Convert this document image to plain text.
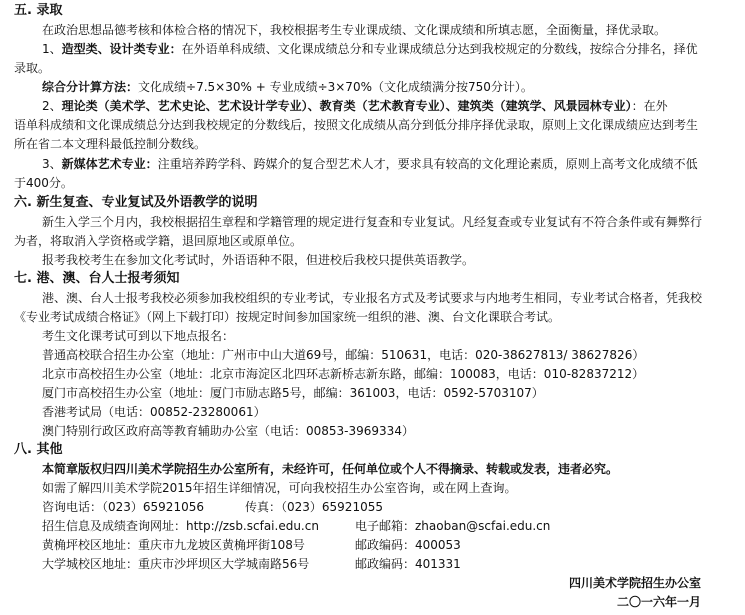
五. 录取
在政治思想品德考核和体检合格的情况下，我校根据考生专业课成绩、文化课成绩和所填志愿，全面衡量，择优录取。
1、造型类、设计类专业：在外语单科成绩、文化课成绩总分和专业课成绩总分达到我校规定的分数线，按综合分排名，择优
录取。
综合分计算方法：文化成绩÷7.5×30% + 专业成绩÷3×70%（文化成绩满分按750分计）。
2、理论类（美术学、艺术史论、艺术设计学专业）、教育类（艺术教育专业）、建筑类（建筑学、风景园林专业）：在外
语单科成绩和文化课成绩总分达到我校规定的分数线后，按照文化成绩从高分到低分排序择优录取，原则上文化课成绩应达到考生
所在省二本文理科最低控制分数线。
3、新媒体艺术专业：注重培养跨学科、跨媒介的复合型艺术人才，要求具有较高的文化理论素质，原则上高考文化成绩不低
于400分。
六. 新生复查、专业复试及外语教学的说明
新生入学三个月内，我校根据招生章程和学籍管理的规定进行复查和专业复试。凡经复查或专业复试有不符合条件或有舞弊行
为者，将取消入学资格或学籍，退回原地区或原单位。
报考我校考生在参加文化考试时，外语语种不限，但进校后我校只提供英语教学。
七. 港、澳、台人士报考须知
港、澳、台人士报考我校必须参加我校组织的专业考试，专业报名方式及考试要求与内地考生相同，专业考试合格者，凭我校
《专业考试成绩合格证》（网上下载打印）按规定时间参加国家统一组织的港、澳、台文化课联合考试。
考生文化课考试可到以下地点报名：
普通高校联合招生办公室（地址：广州市中山大道69号，邮编：510631，电话：020-38627813/ 38627826）
北京市高校招生办公室（地址：北京市海淀区北四环志新桥志新东路，邮编：100083，电话：010-82837212）
厦门市高校招生办公室（地址：厦门市励志路5号，邮编：361003，电话：0592-5703107）
香港考试局（电话：00852-23280061）
澳门特别行政区政府高等教育辅助办公室（电话：00853-3969334）
八. 其他
本简章版权归四川美术学院招生办公室所有，未经许可，任何单位或个人不得摘录、转载或发表，违者必究。
如需了解四川美术学院2015年招生详细情况，可向我校招生办公室咨询，或在网上查询。
咨询电话：（023）65921056	传真：（023）65921055
招生信息及成绩查询网址：http://zsb.scfai.edu.cn	电子邮箱：zhaoban@scfai.edu.cn
黄桷坪校区地址：重庆市九龙坡区黄桷坪街108号	邮政编码：400053
大学城校区地址：重庆市沙坪坝区大学城南路56号	邮政编码：401331
四川美术学院招生办公室
二〇一六年一月
